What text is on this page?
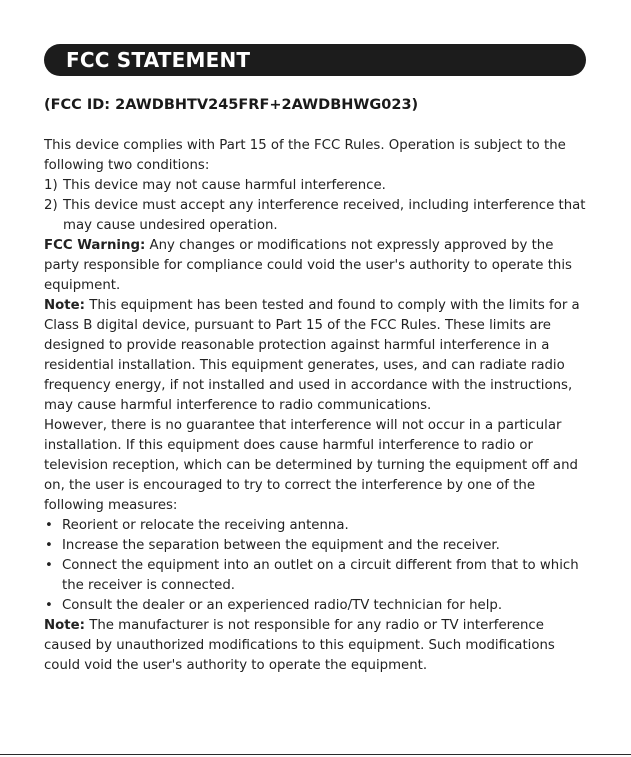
FCC STATEMENT
(FCC ID: 2AWDBHTV245FRF+2AWDBHWG023)

This device complies with Part 15 of the FCC Rules. Operation is subject to the following two conditions:

1) This device may not cause harmful interference.
2) This device must accept any interference received, including interference that may cause undesired operation.

FCC Warning: Any changes or modifications not expressly approved by the party responsible for compliance could void the user's authority to operate this equipment.

Note: This equipment has been tested and found to comply with the limits for a Class B digital device, pursuant to Part 15 of the FCC Rules. These limits are designed to provide reasonable protection against harmful interference in a residential installation. This equipment generates, uses, and can radiate radio frequency energy, if not installed and used in accordance with the instructions, may cause harmful interference to radio communications.

However, there is no guarantee that interference will not occur in a particular installation. If this equipment does cause harmful interference to radio or television reception, which can be determined by turning the equipment off and on, the user is encouraged to try to correct the interference by one of the following measures:

• Reorient or relocate the receiving antenna.
• Increase the separation between the equipment and the receiver.
• Connect the equipment into an outlet on a circuit different from that to which the receiver is connected.
• Consult the dealer or an experienced radio/TV technician for help.

Note: The manufacturer is not responsible for any radio or TV interference caused by unauthorized modifications to this equipment. Such modifications could void the user's authority to operate the equipment.
